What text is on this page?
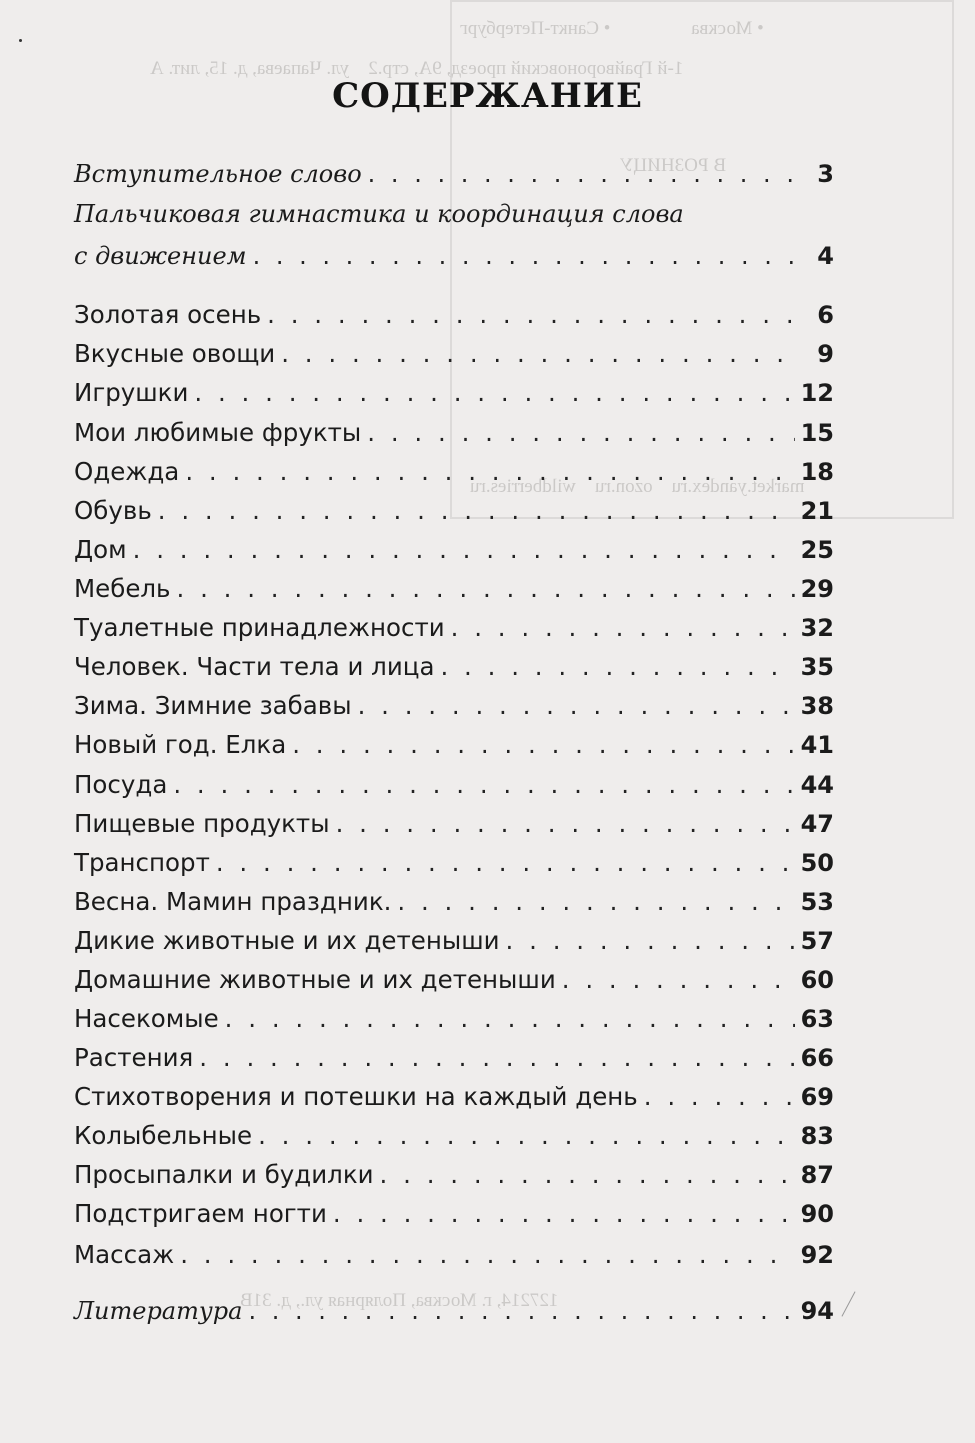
• Москва                 • Санкт-Петербург
1-й Грайвороновский проезд, 9А, стр.2    ул. Чапаева, д. 15, лит. А
В РОЗНИЦУ
market.yandex.ru    ozon.ru    wildberries.ru
127214, г. Москва, Полярная ул., д. 31В
СОДЕРЖАНИЕ
Вступительное слово . . .	3
Пальчиковая гимнастика и координация слова
с движением . . .	4
Золотая осень . . .	6
Вкусные овощи . . .	9
Игрушки . . .	12
Мои любимые фрукты . . .	15
Одежда . . .	18
Обувь . . .	21
Дом . . .	25
Мебель . . .	29
Туалетные принадлежности . . .	32
Человек. Части тела и лица . . .	35
Зима. Зимние забавы . . .	38
Новый год. Елка . . .	41
Посуда . . .	44
Пищевые продукты . . .	47
Транспорт . . .	50
Весна. Мамин праздник. . . .	53
Дикие животные и их детеныши . . .	57
Домашние животные и их детеныши . . .	60
Насекомые . . .	63
Растения . . .	66
Стихотворения и потешки на каждый день . . .	69
Колыбельные . . .	83
Просыпалки и будилки . . .	87
Подстригаем ногти . . .	90
Массаж . . .	92
Литература . . .	94
